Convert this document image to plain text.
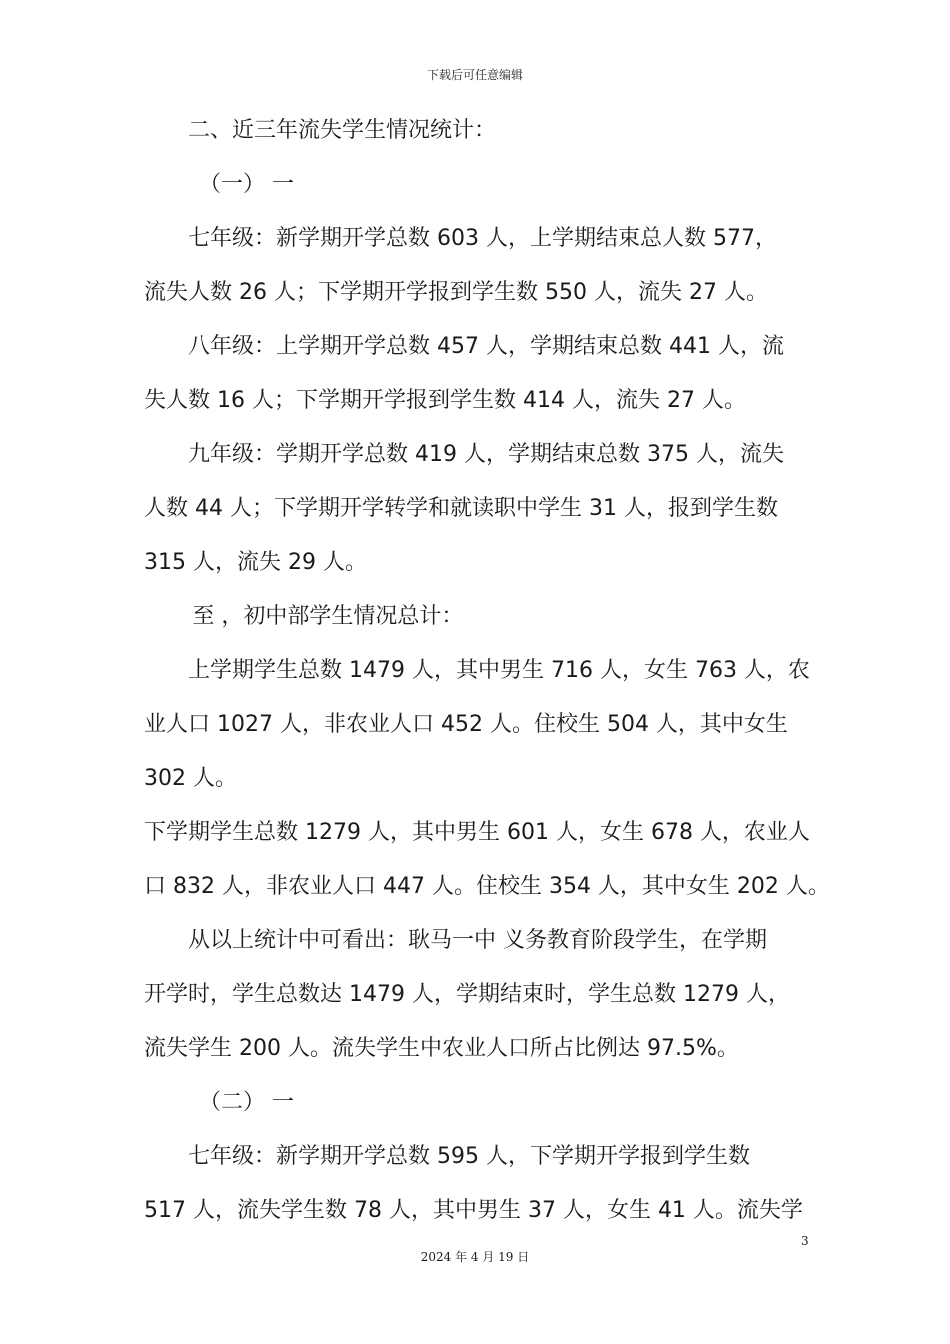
下载后可任意编辑

二、近三年流失学生情况统计：

（一） 一

七年级：新学期开学总数 603 人，上学期结束总人数 577，

流失人数 26 人；下学期开学报到学生数 550 人，流失 27 人。

八年级：上学期开学总数 457 人，学期结束总数 441 人，流

失人数 16 人；下学期开学报到学生数 414 人，流失 27 人。

九年级：学期开学总数 419 人，学期结束总数 375 人，流失

人数 44 人；下学期开学转学和就读职中学生 31 人，报到学生数

315 人，流失 29 人。

至 ，初中部学生情况总计：

上学期学生总数 1479 人，其中男生 716 人，女生 763 人，农

业人口 1027 人，非农业人口 452 人。住校生 504 人，其中女生

302 人。

下学期学生总数 1279 人，其中男生 601 人，女生 678 人，农业人

口 832 人，非农业人口 447 人。住校生 354 人，其中女生 202 人。

从以上统计中可看出：耿马一中 义务教育阶段学生，在学期

开学时，学生总数达 1479 人，学期结束时，学生总数 1279 人，

流失学生 200 人。流失学生中农业人口所占比例达 97.5%。

（二） 一

七年级：新学期开学总数 595 人，下学期开学报到学生数

517 人，流失学生数 78 人，其中男生 37 人，女生 41 人。流失学

3
2024 年 4 月 19 日
